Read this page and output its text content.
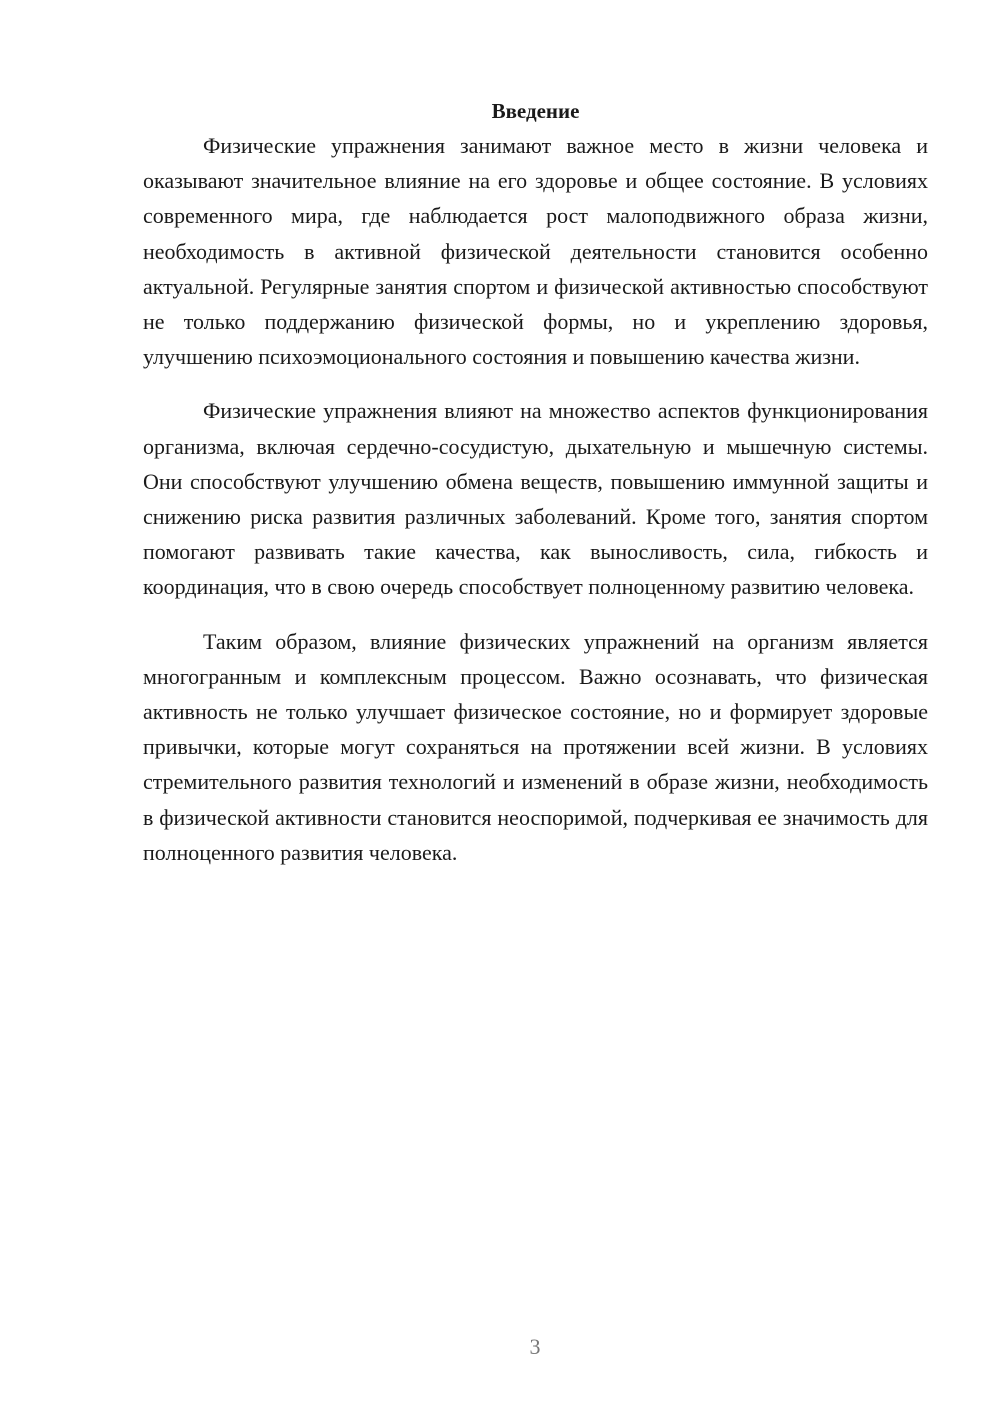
Введение

Физические упражнения занимают важное место в жизни человека и оказывают значительное влияние на его здоровье и общее состояние. В условиях современного мира, где наблюдается рост малоподвижного образа жизни, необходимость в активной физической деятельности становится особенно актуальной. Регулярные занятия спортом и физической активностью способствуют не только поддержанию физической формы, но и укреплению здоровья, улучшению психоэмоционального состояния и повышению качества жизни.

Физические упражнения влияют на множество аспектов функционирования организма, включая сердечно-сосудистую, дыхательную и мышечную системы. Они способствуют улучшению обмена веществ, повышению иммунной защиты и снижению риска развития различных заболеваний. Кроме того, занятия спортом помогают развивать такие качества, как выносливость, сила, гибкость и координация, что в свою очередь способствует полноценному развитию человека.

Таким образом, влияние физических упражнений на организм является многогранным и комплексным процессом. Важно осознавать, что физическая активность не только улучшает физическое состояние, но и формирует здоровые привычки, которые могут сохраняться на протяжении всей жизни. В условиях стремительного развития технологий и изменений в образе жизни, необходимость в физической активности становится неоспоримой, подчеркивая ее значимость для полноценного развития человека.

3
